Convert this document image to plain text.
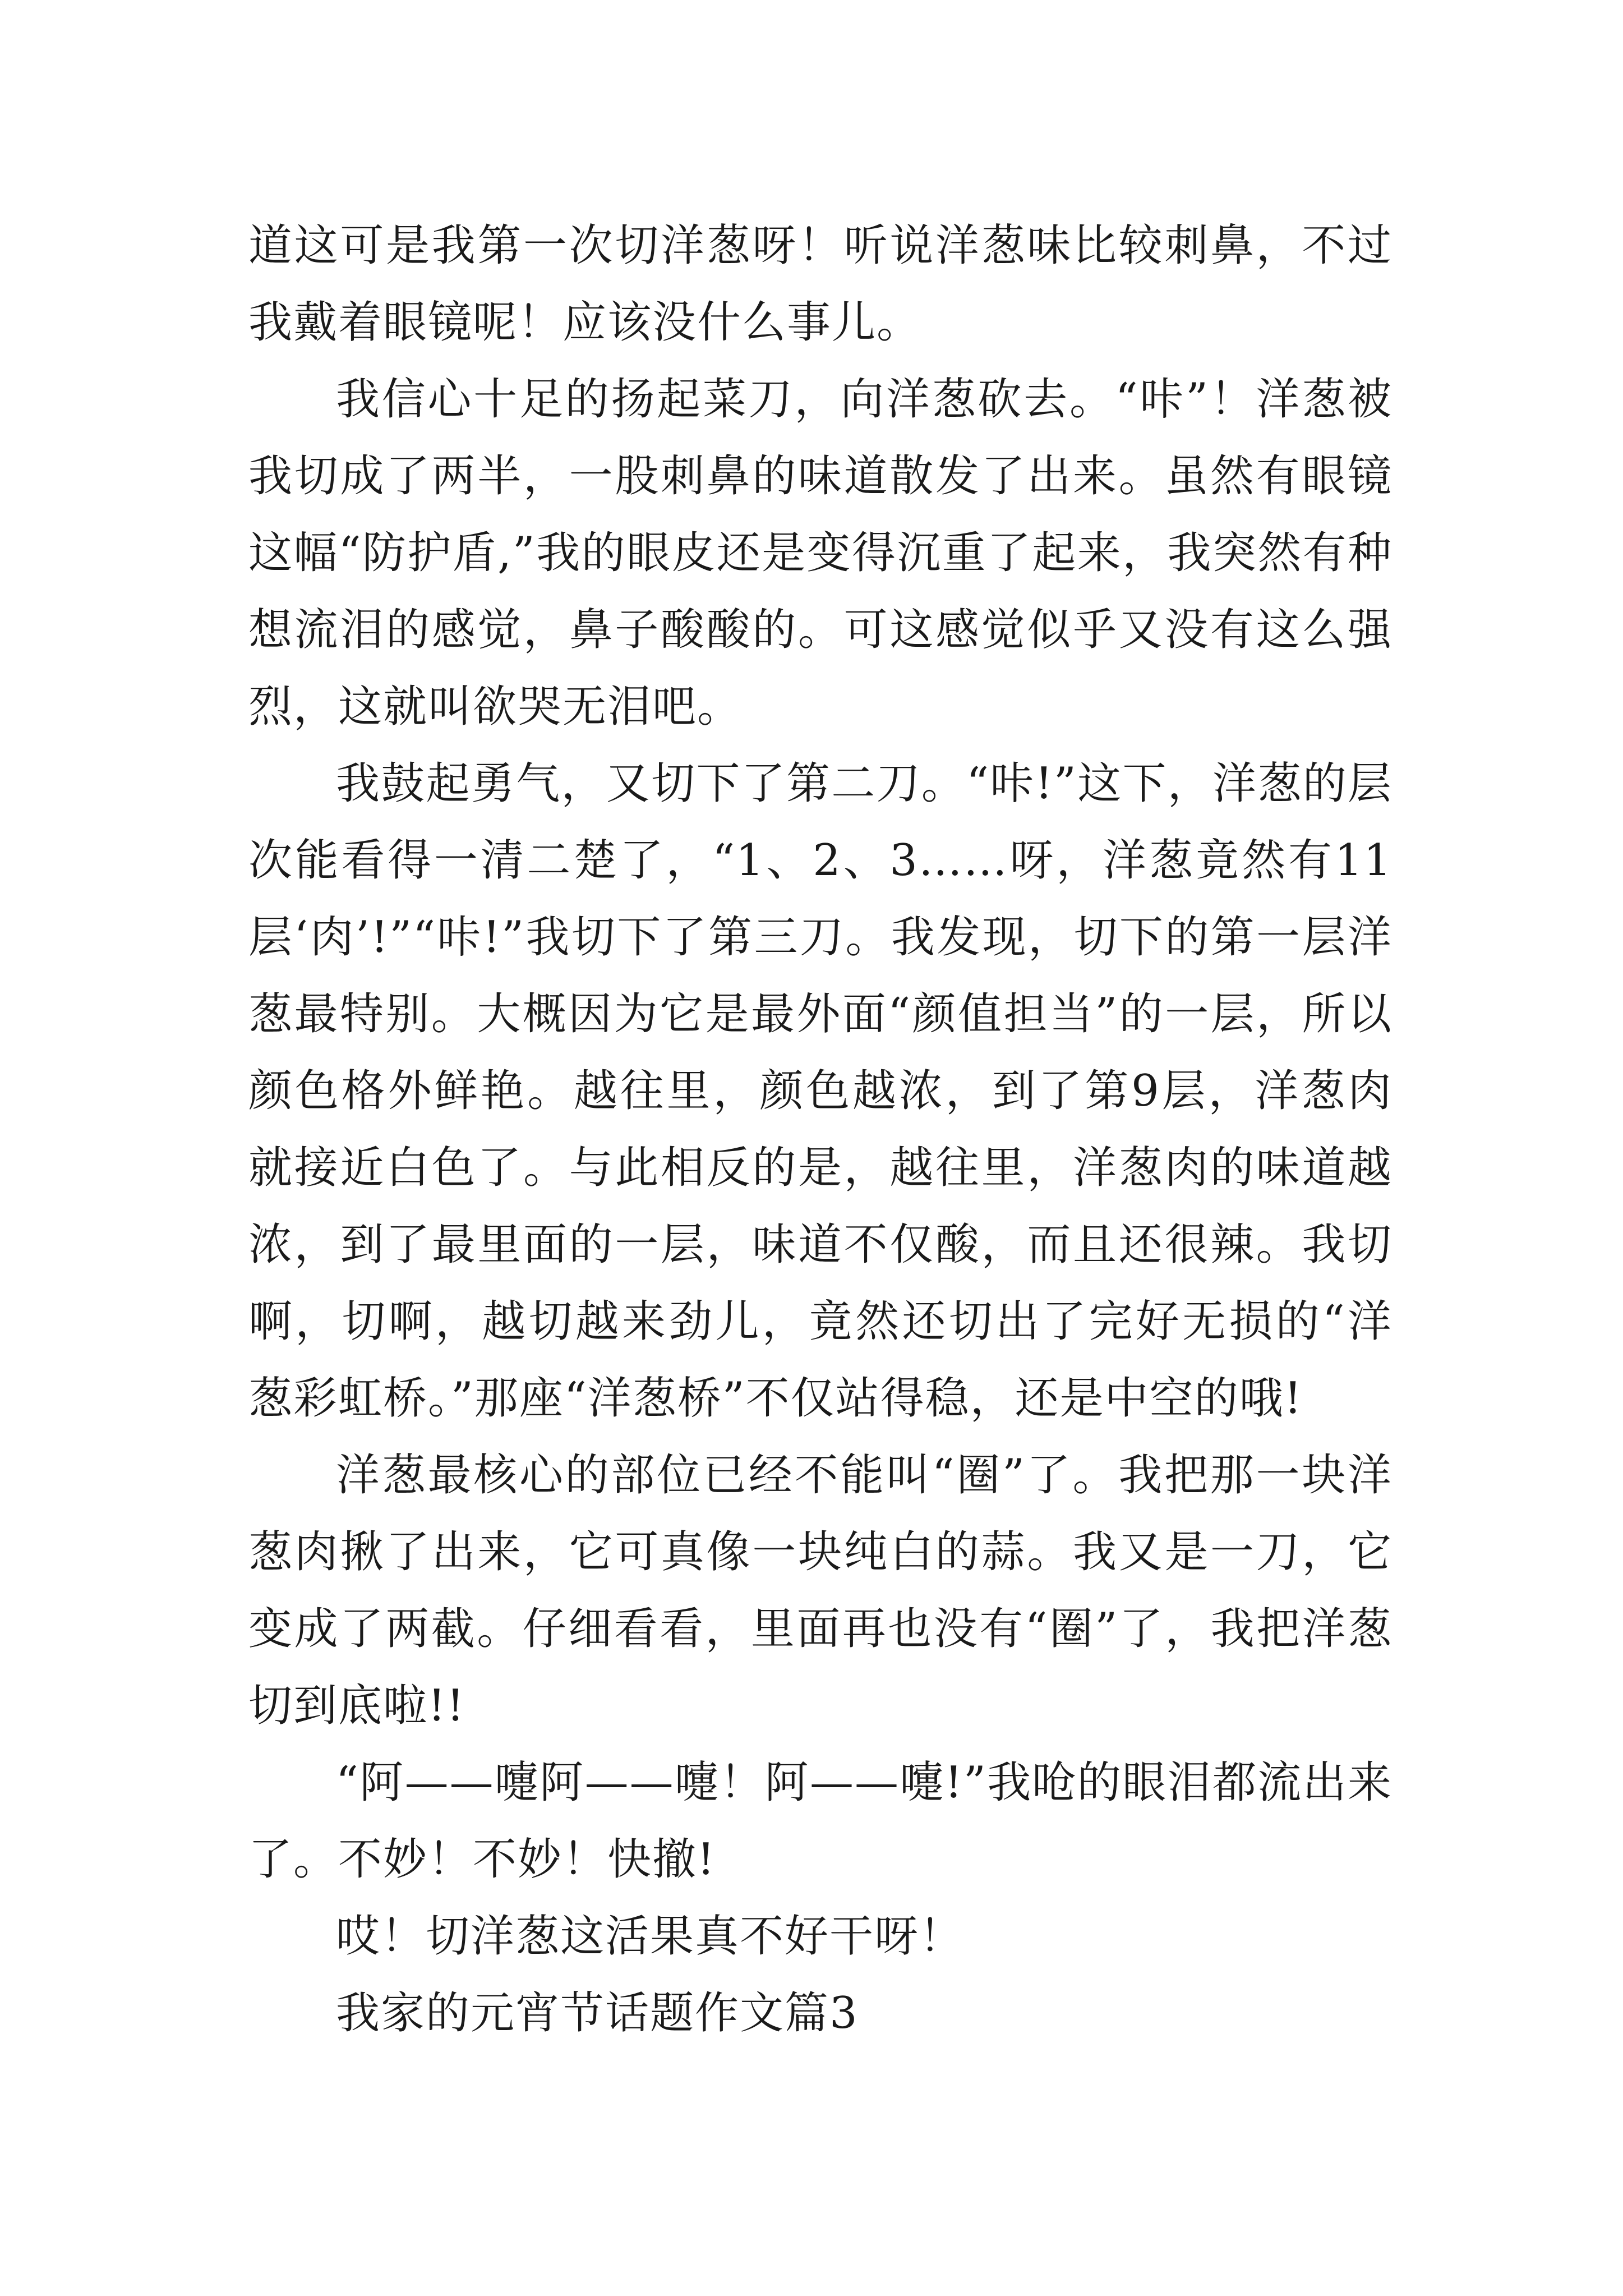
道这可是我第一次切洋葱呀！听说洋葱味比较刺鼻，不过我戴着眼镜呢！应该没什么事儿。

我信心十足的扬起菜刀，向洋葱砍去。“咔”！洋葱被我切成了两半，一股刺鼻的味道散发了出来。虽然有眼镜这幅“防护盾,”我的眼皮还是变得沉重了起来，我突然有种想流泪的感觉，鼻子酸酸的。可这感觉似乎又没有这么强烈，这就叫欲哭无泪吧。

我鼓起勇气，又切下了第二刀。“咔!”这下，洋葱的层次能看得一清二楚了，“1、2、3……呀，洋葱竟然有11层‘肉’!”“咔!”我切下了第三刀。我发现，切下的第一层洋葱最特别。大概因为它是最外面“颜值担当”的一层，所以颜色格外鲜艳。越往里，颜色越浓，到了第9层，洋葱肉就接近白色了。与此相反的是，越往里，洋葱肉的味道越浓，到了最里面的一层，味道不仅酸，而且还很辣。我切啊，切啊，越切越来劲儿，竟然还切出了完好无损的“洋葱彩虹桥。”那座“洋葱桥”不仅站得稳，还是中空的哦!

洋葱最核心的部位已经不能叫“圈”了。我把那一块洋葱肉揪了出来，它可真像一块纯白的蒜。我又是一刀，它变成了两截。仔细看看，里面再也没有“圈”了，我把洋葱切到底啦!!

“阿——嚏阿——嚏！阿——嚏!”我呛的眼泪都流出来了。不妙！不妙！快撤!

哎！切洋葱这活果真不好干呀！

我家的元宵节话题作文篇3
